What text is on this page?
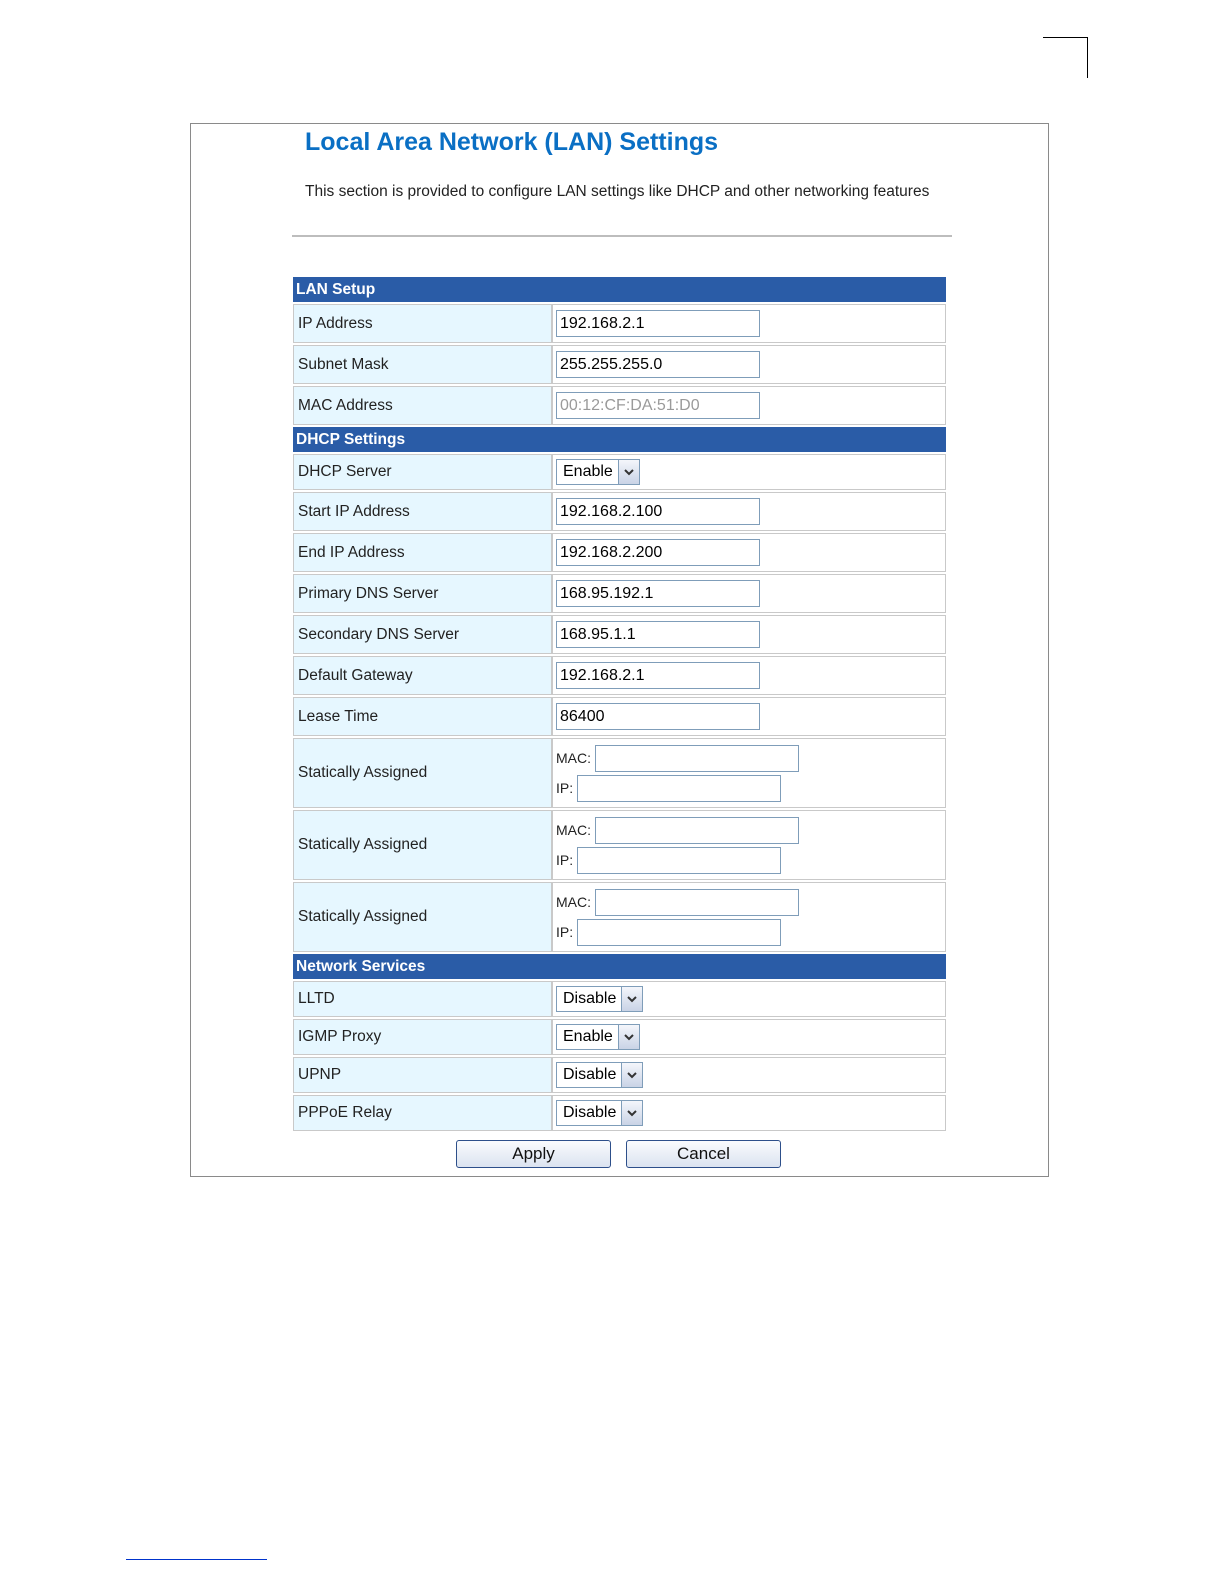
Local Area Network (LAN) Settings
This section is provided to configure LAN settings like DHCP and other networking features
LAN Setup	
IP Address	192.168.2.1
Subnet Mask	255.255.255.0
MAC Address	00:12:CF:DA:51:D0
DHCP Settings	
DHCP Server	Enable

Start IP Address	192.168.2.100
End IP Address	192.168.2.200
Primary DNS Server	168.95.192.1
Secondary DNS Server	168.95.1.1
Default Gateway	192.168.2.1
Lease Time	86400
Statically Assigned	MAC:
IP:

Statically Assigned	MAC:
IP:

Statically Assigned	MAC:
IP:

Network Services	
LLTD	Disable

IGMP Proxy	Enable

UPNP	Disable

PPPoE Relay	Disable
Apply	Cancel
